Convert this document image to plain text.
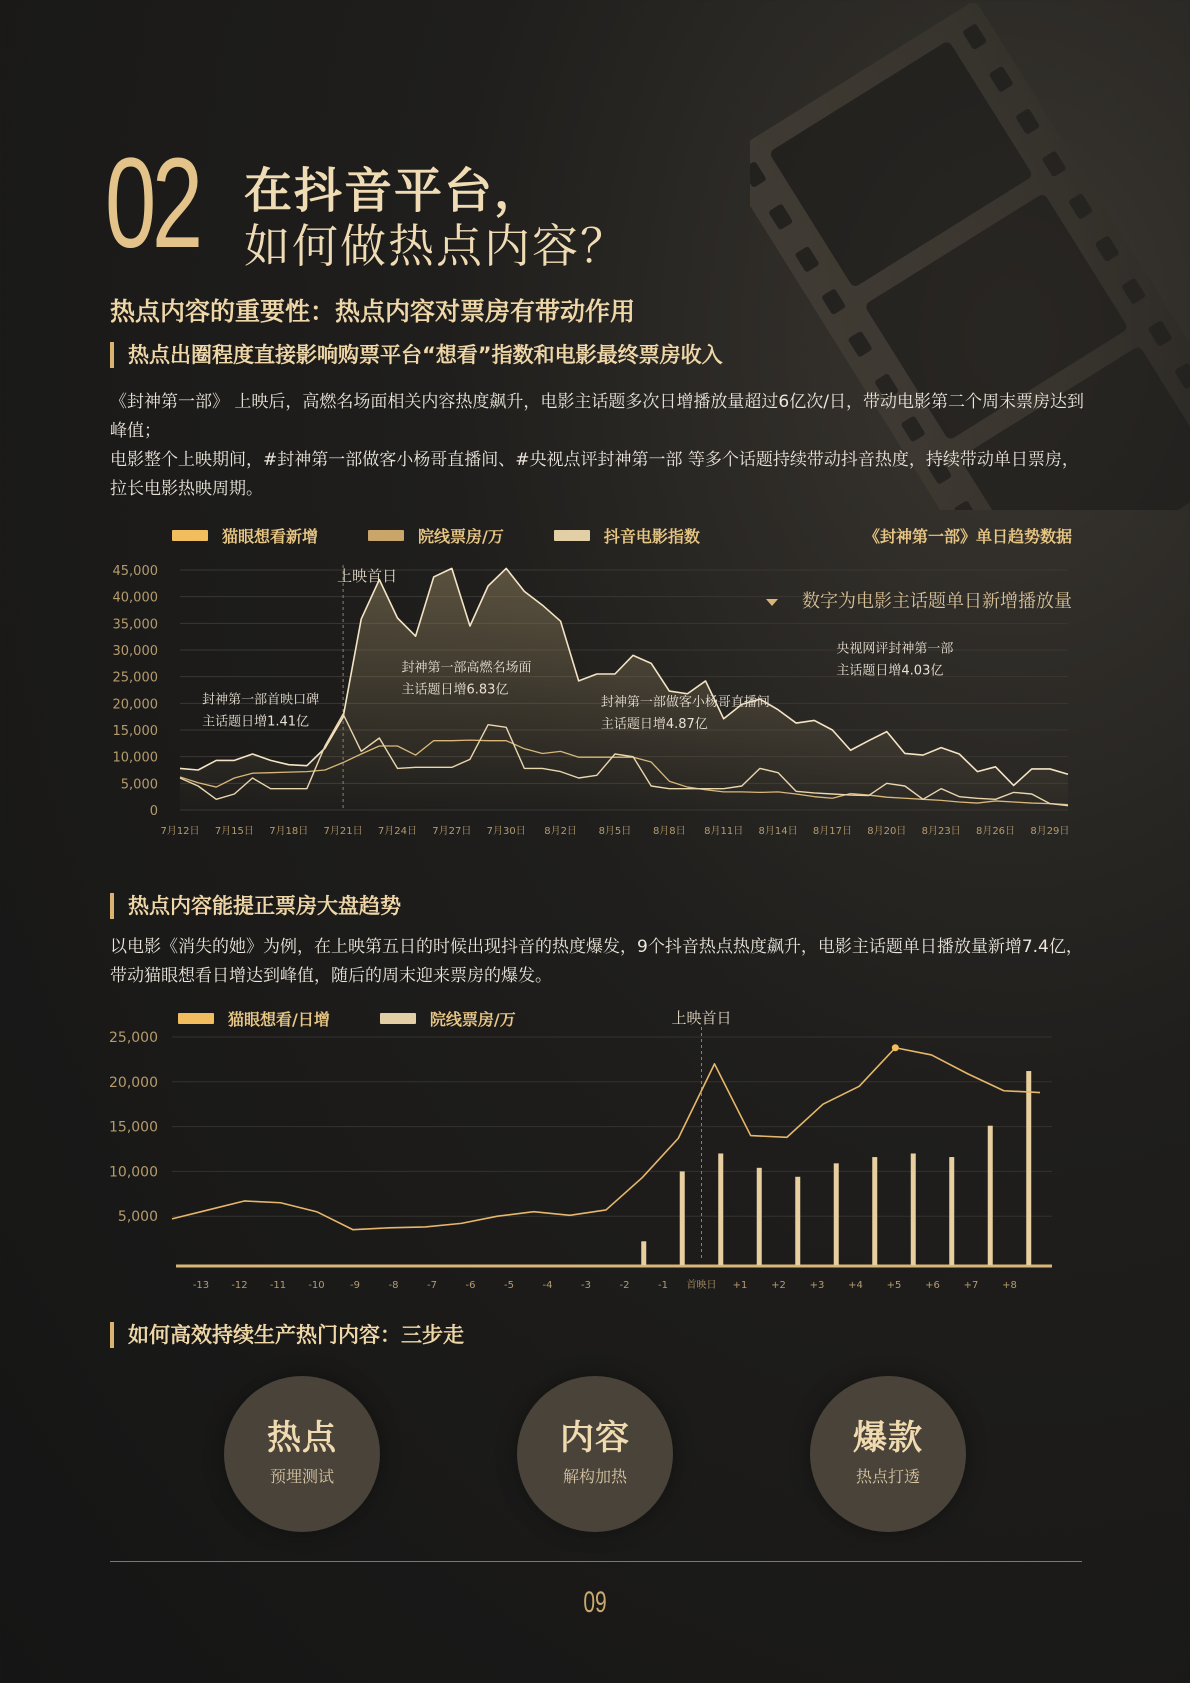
02 在抖音平台，
如何做热点内容？
热点内容的重要性：热点内容对票房有带动作用
热点出圈程度直接影响购票平台“想看”指数和电影最终票房收入

《封神第一部》 上映后，高燃名场面相关内容热度飙升，电影主话题多次日增播放量超过6亿次/日，带动电影第二个周末票房达到峰值；

电影整个上映期间，#封神第一部做客小杨哥直播间、#央视点评封神第一部 等多个话题持续带动抖音热度，持续带动单日票房，拉长电影热映周期。

猫眼想看新增	院线票房/万	抖音电影指数	《封神第一部》单日趋势数据
45,000
40,000
35,000
30,000
25,000
20,000
15,000
10,000
5,000
0
7月12日 7月15日 7月18日 7月21日 7月24日 7月27日 7月30日 8月2日 8月5日 8月8日 8月11日 8月14日 8月17日 8月20日 8月23日 8月26日 8月29日
上映首日
封神第一部首映口碑
主话题日增1.41亿
封神第一部高燃名场面
主话题日增6.83亿
封神第一部做客小杨哥直播间
主话题日增4.87亿
央视网评封神第一部
主话题日增4.03亿
数字为电影主话题单日新增播放量
热点内容能提正票房大盘趋势
以电影《消失的她》为例，在上映第五日的时候出现抖音的热度爆发，9个抖音热点热度飙升，电影主话题单日播放量新增7.4亿，带动猫眼想看日增达到峰值，随后的周末迎来票房的爆发。
猫眼想看/日增	院线票房/万
25,000
20,000
15,000
10,000
5,000
-13 -12 -11 -10	-9	-8	-7	-6	-5	-4	-3	-2	-1 首映日 +1 +2 +3 +4 +5 +6 +7 +8
上映首日
如何高效持续生产热门内容：三步走
热点
预埋测试
内容
解构加热
爆款
热点打透
09
